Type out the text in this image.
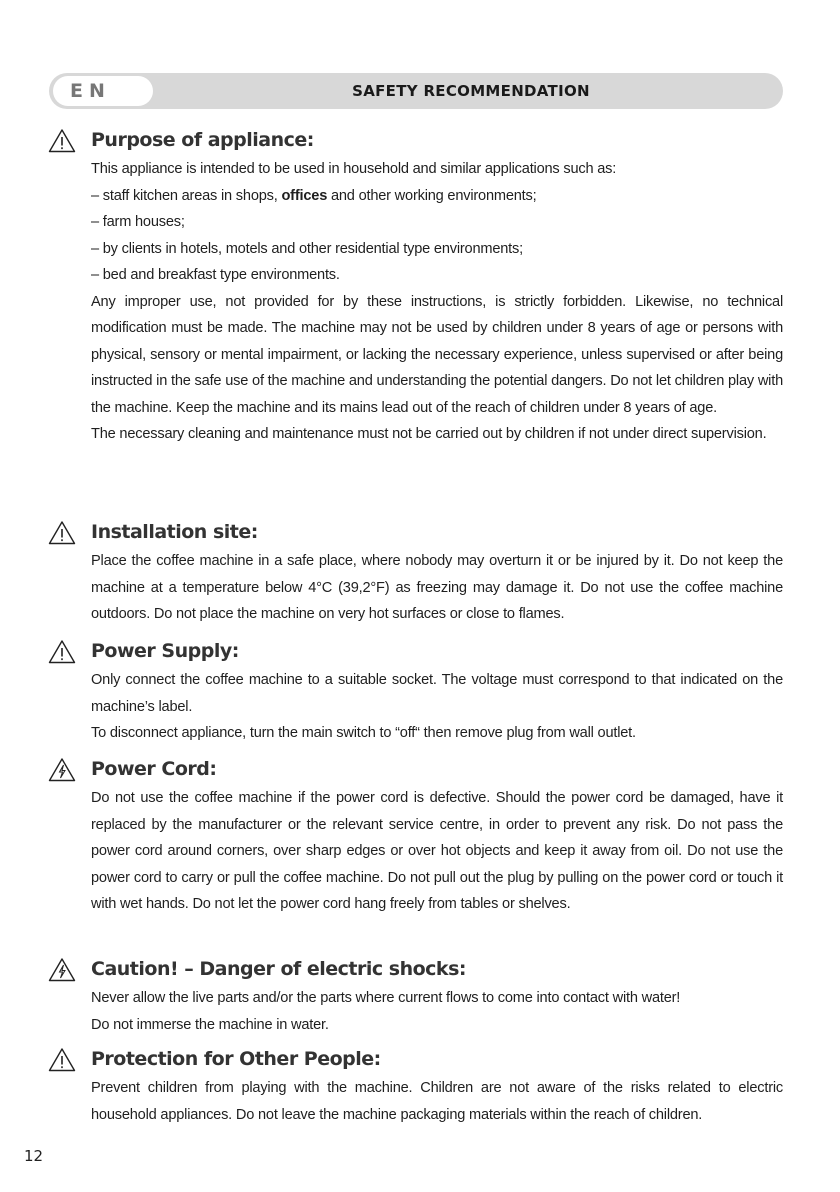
EN	SAFETY RECOMMENDATION
Purpose of appliance:

This appliance is intended to be used in household and similar applications such as:

– staff kitchen areas in shops, offices and other working environments;

– farm houses;

– by clients in hotels, motels and other residential type environments;

– bed and breakfast type environments.

Any improper use, not provided for by these instructions, is strictly forbidden. Likewise, no technical modification must be made. The machine may not be used by children under 8 years of age or persons with physical, sensory or mental impairment, or lacking the necessary experience, unless supervised or after being instructed in the safe use of the machine and understanding the potential dangers. Do not let children play with the machine. Keep the machine and its mains lead out of the reach of children under 8 years of age.

The necessary cleaning and maintenance must not be carried out by children if not under direct supervision.

Installation site:

Place the coffee machine in a safe place, where nobody may overturn it or be injured by it. Do not keep the machine at a temperature below 4°C (39,2°F) as freezing may damage it. Do not use the coffee machine outdoors. Do not place the machine on very hot surfaces or close to flames.

Power Supply:

Only connect the coffee machine to a suitable socket. The voltage must correspond to that indicated on the machine’s label.

To disconnect appliance, turn the main switch to “off“ then remove plug from wall outlet.

Power Cord:

Do not use the coffee machine if the power cord is defective. Should the power cord be damaged, have it replaced by the manufacturer or the relevant service centre, in order to prevent any risk. Do not pass the power cord around corners, over sharp edges or over hot objects and keep it away from oil. Do not use the power cord to carry or pull the coffee machine. Do not pull out the plug by pulling on the power cord or touch it with wet hands. Do not let the power cord hang freely from tables or shelves.

Caution! – Danger of electric shocks:

Never allow the live parts and/or the parts where current flows to come into contact with water!

Do not immerse the machine in water.

Protection for Other People:

Prevent children from playing with the machine. Children are not aware of the risks related to electric household appliances. Do not leave the machine packaging materials within the reach of children.

12
